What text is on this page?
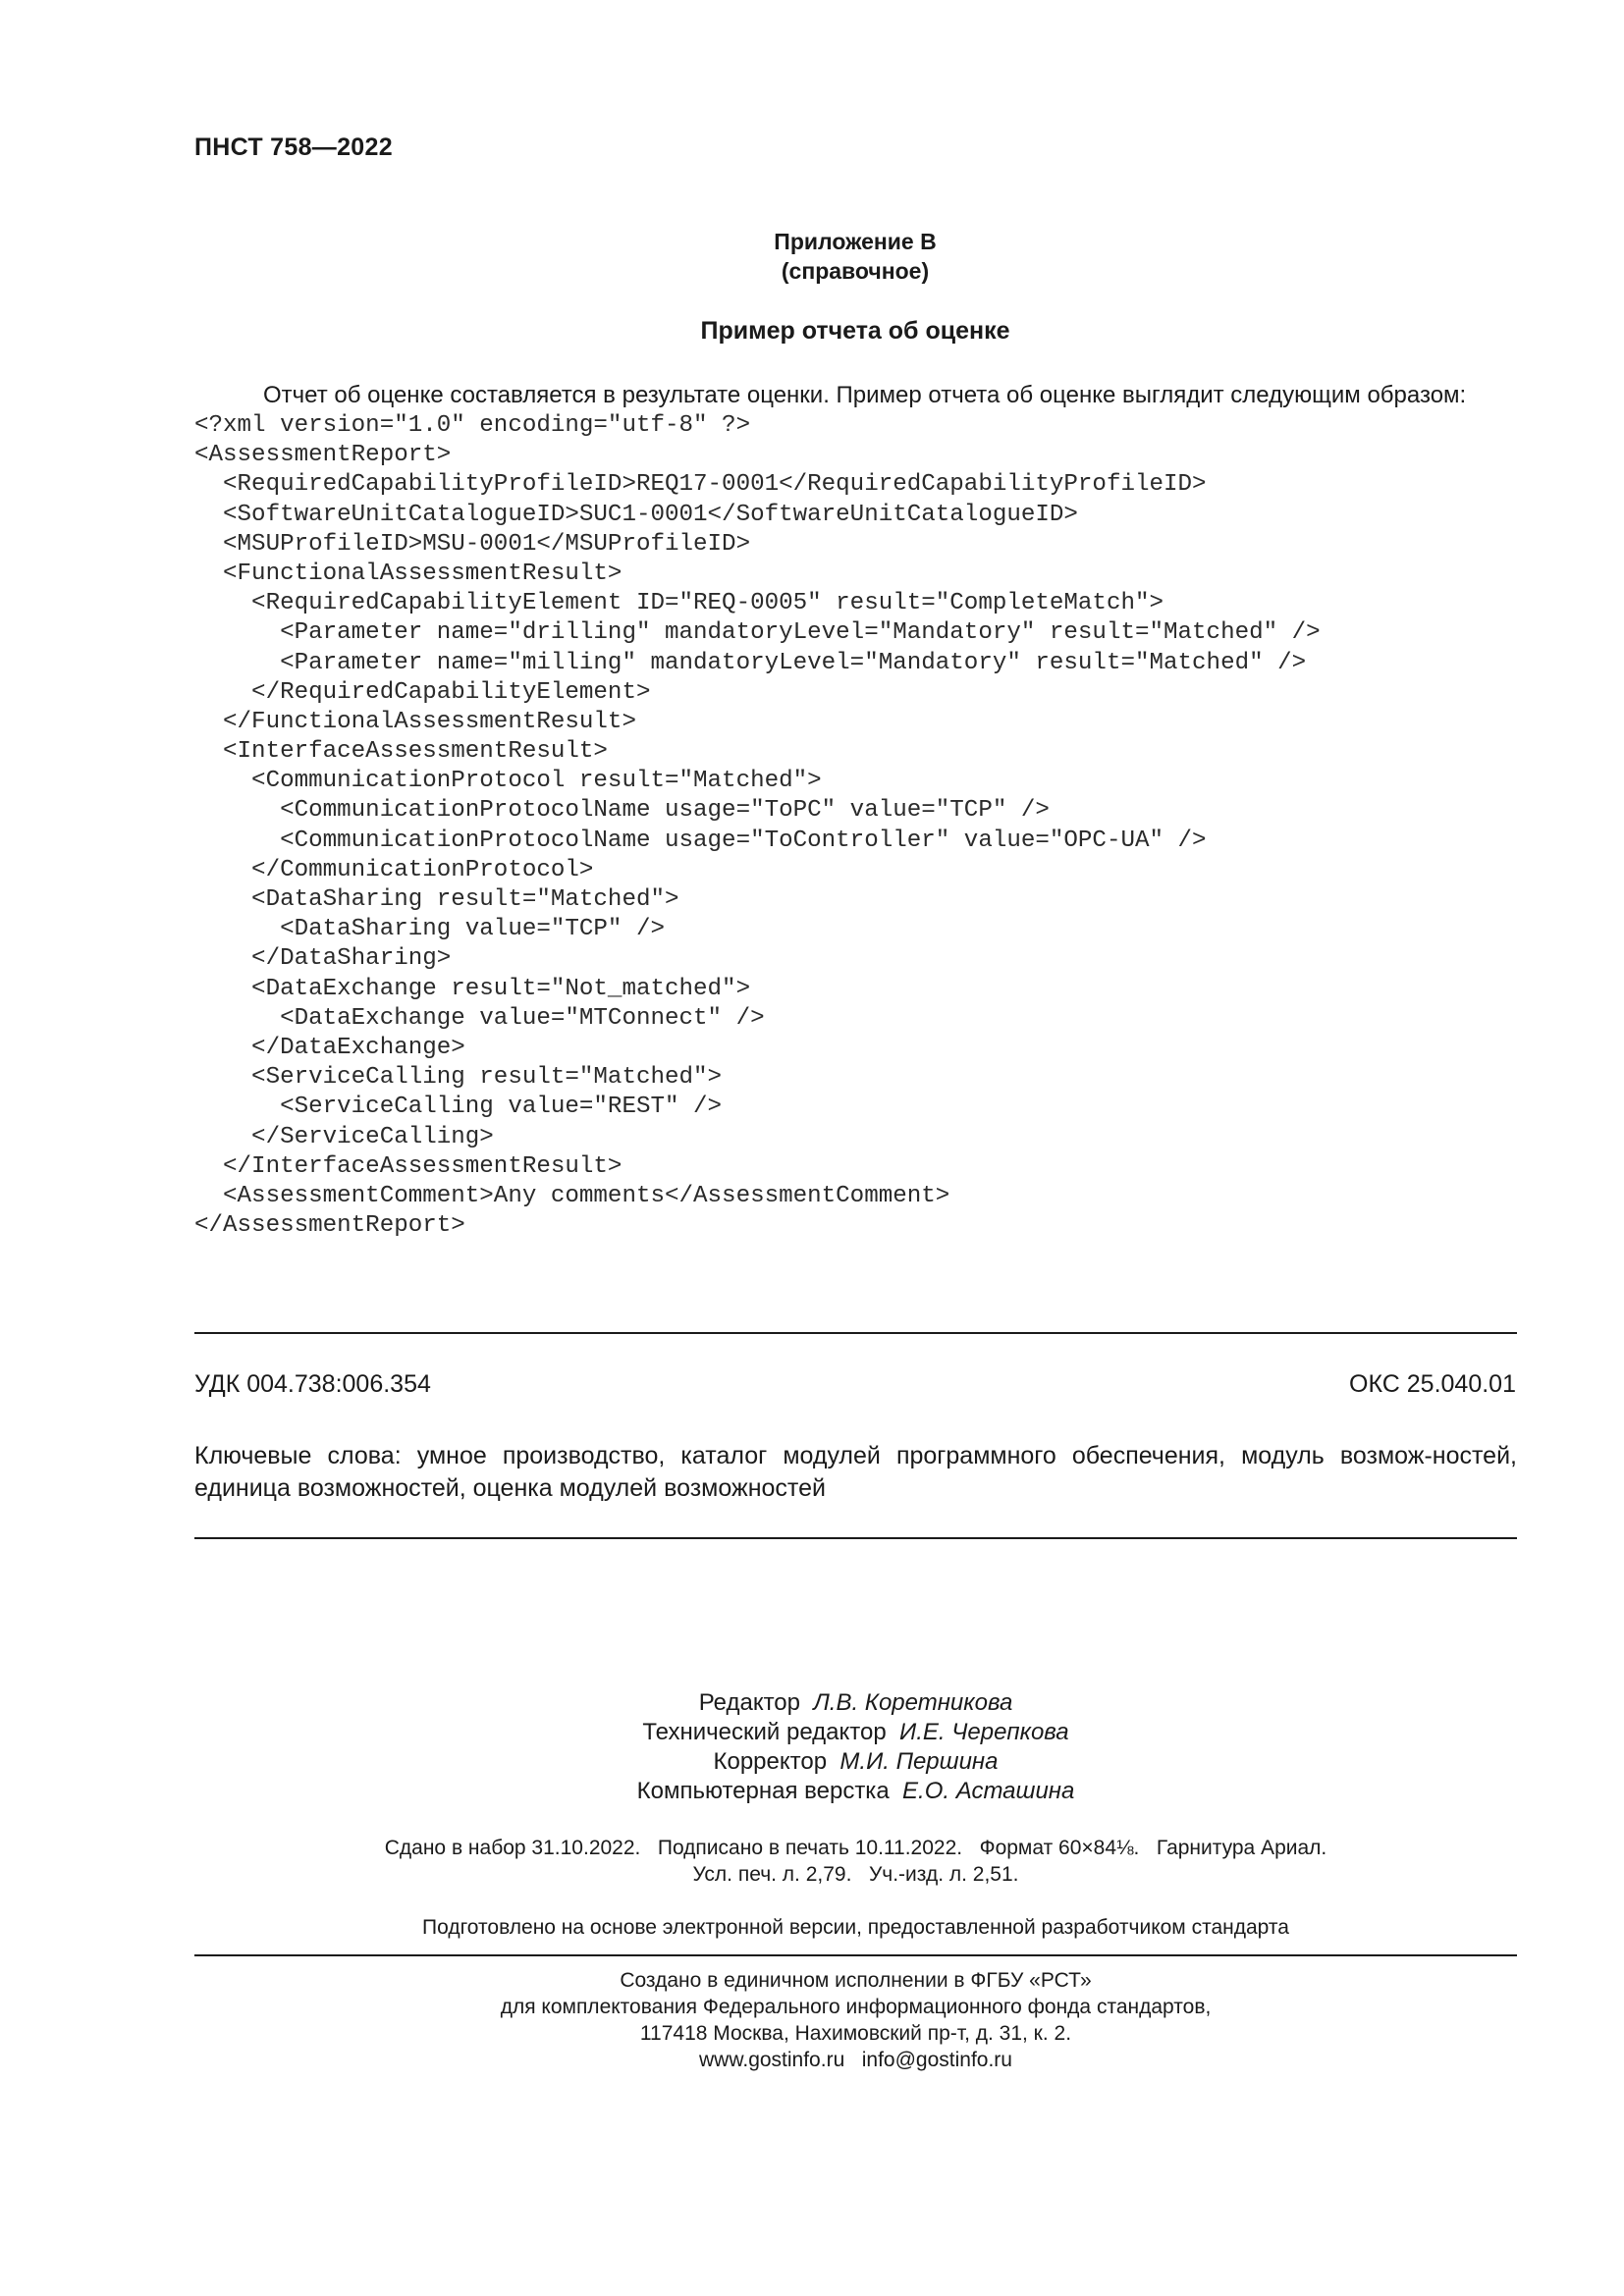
ПНСТ 758—2022
Приложение В
(справочное)
Пример отчета об оценке
Отчет об оценке составляется в результате оценки. Пример отчета об оценке выглядит следующим образом:
<?xml version="1.0" encoding="utf-8" ?>
<AssessmentReport>
<RequiredCapabilityProfileID>REQ17-0001</RequiredCapabilityProfileID>
<SoftwareUnitCatalogueID>SUC1-0001</SoftwareUnitCatalogueID>
<MSUProfileID>MSU-0001</MSUProfileID>
<FunctionalAssessmentResult>
<RequiredCapabilityElement ID="REQ-0005" result="CompleteMatch">
<Parameter name="drilling" mandatoryLevel="Mandatory" result="Matched" />
<Parameter name="milling" mandatoryLevel="Mandatory" result="Matched" />
</RequiredCapabilityElement>
</FunctionalAssessmentResult>
<InterfaceAssessmentResult>
<CommunicationProtocol result="Matched">
<CommunicationProtocolName usage="ToPC" value="TCP" />
<CommunicationProtocolName usage="ToController" value="OPC-UA" />
</CommunicationProtocol>
<DataSharing result="Matched">
<DataSharing value="TCP" />
</DataSharing>
<DataExchange result="Not_matched">
<DataExchange value="MTConnect" />
</DataExchange>
<ServiceCalling result="Matched">
<ServiceCalling value="REST" />
</ServiceCalling>
</InterfaceAssessmentResult>
<AssessmentComment>Any comments</AssessmentComment>
</AssessmentReport>
УДК 004.738:006.354	ОКС 25.040.01
Ключевые слова: умное производство, каталог модулей программного обеспечения, модуль возмож-ностей, единица возможностей, оценка модулей возможностей
Редактор Л.В. Коретникова
Технический редактор И.Е. Черепкова
Корректор М.И. Першина
Компьютерная верстка Е.О. Асташина
Сдано в набор 31.10.2022.   Подписано в печать 10.11.2022.   Формат 60×84⅛.   Гарнитура Ариал.
Усл. печ. л. 2,79.   Уч.-изд. л. 2,51.
Подготовлено на основе электронной версии, предоставленной разработчиком стандарта
Создано в единичном исполнении в ФГБУ «РСТ»
для комплектования Федерального информационного фонда стандартов,
117418 Москва, Нахимовский пр-т, д. 31, к. 2.
www.gostinfo.ru   info@gostinfo.ru
